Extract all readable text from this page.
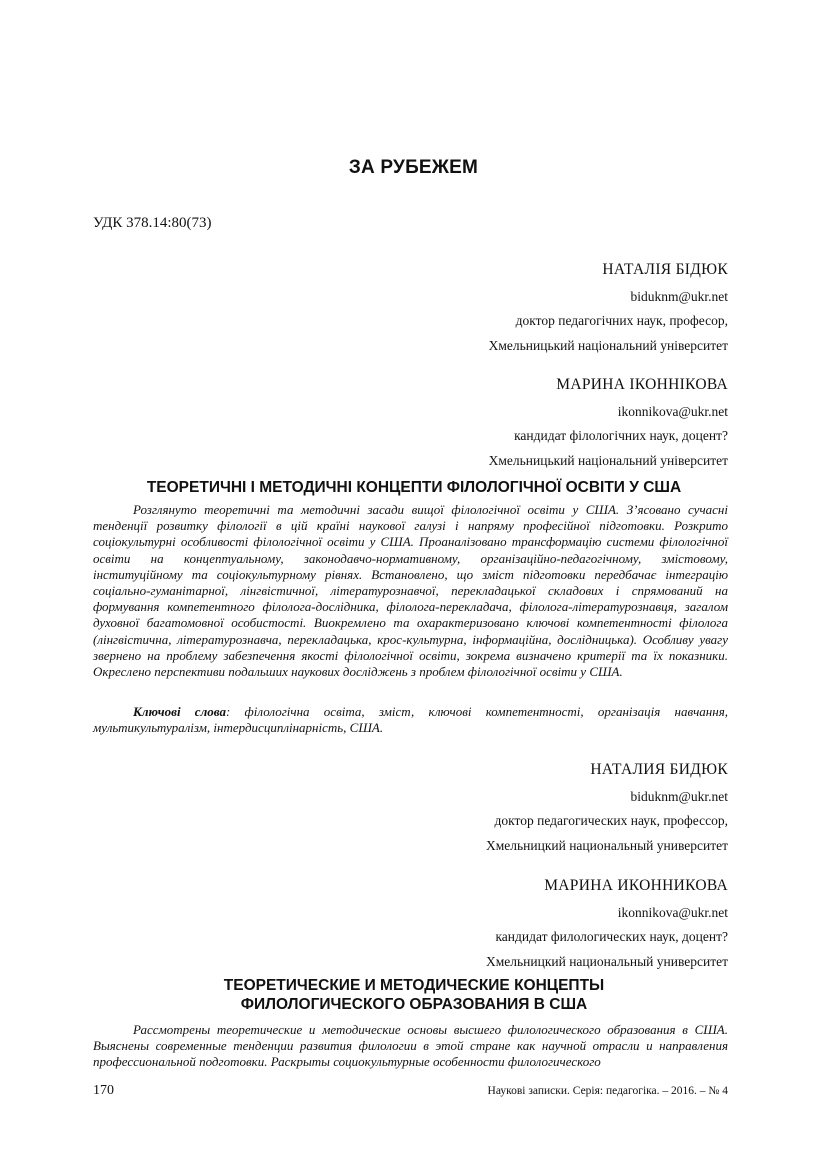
ЗА РУБЕЖЕМ
УДК 378.14:80(73)
НАТАЛІЯ БІДЮК
biduknm@ukr.net
доктор педагогічних наук, професор,
Хмельницький національний університет
МАРИНА ІКОННІКОВА
ikonnikova@ukr.net
кандидат філологічних наук, доцент?
Хмельницький національний університет
ТЕОРЕТИЧНІ І МЕТОДИЧНІ КОНЦЕПТИ ФІЛОЛОГІЧНОЇ ОСВІТИ У США

Розглянуто теоретичні та методичні засади вищої філологічної освіти у США. З’ясовано сучасні тенденції розвитку філології в цій країні наукової галузі і напряму професійної підготовки. Розкрито соціокультурні особливості філологічної освіти у США. Проаналізовано трансформацію системи філологічної освіти на концептуальному, законодавчо-нормативному, організаційно-педагогічному, змістовому, інституційному та соціокультурному рівнях. Встановлено, що зміст підготовки передбачає інтеграцію соціально-гуманітарної, лінгвістичної, літературознавчої, перекладацької складових і спрямований на формування компетентного філолога-дослідника, філолога-перекладача, філолога-літературознавця, загалом духовної багатомовної особистості. Виокремлено та охарактеризовано ключові компетентності філолога (лінгвістична, літературознавча, перекладацька, крос-культурна, інформаційна, дослідницька). Особливу увагу звернено на проблему забезпечення якості філологічної освіти, зокрема визначено критерії та їх показники. Окреслено перспективи подальших наукових досліджень з проблем філологічної освіти у США.

Ключові слова: філологічна освіта, зміст, ключові компетентності, організація навчання, мультикультуралізм, інтердисциплінарність, США.

НАТАЛИЯ БИДЮК
biduknm@ukr.net
доктор педагогических наук, профессор,
Хмельницкий национальный университет
МАРИНА ИКОННИКОВА
ikonnikova@ukr.net
кандидат филологических наук, доцент?
Хмельницкий национальный университет
ТЕОРЕТИЧЕСКИЕ И МЕТОДИЧЕСКИЕ КОНЦЕПТЫ
ФИЛОЛОГИЧЕСКОГО ОБРАЗОВАНИЯ В США

Рассмотрены теоретические и методические основы высшего филологического образования в США. Выяснены современные тенденции развития филологии в этой стране как научной отрасли и направления профессиональной подготовки. Раскрыты социокультурные особенности филологического

170	Наукові записки. Серія: педагогіка. – 2016. – № 4
